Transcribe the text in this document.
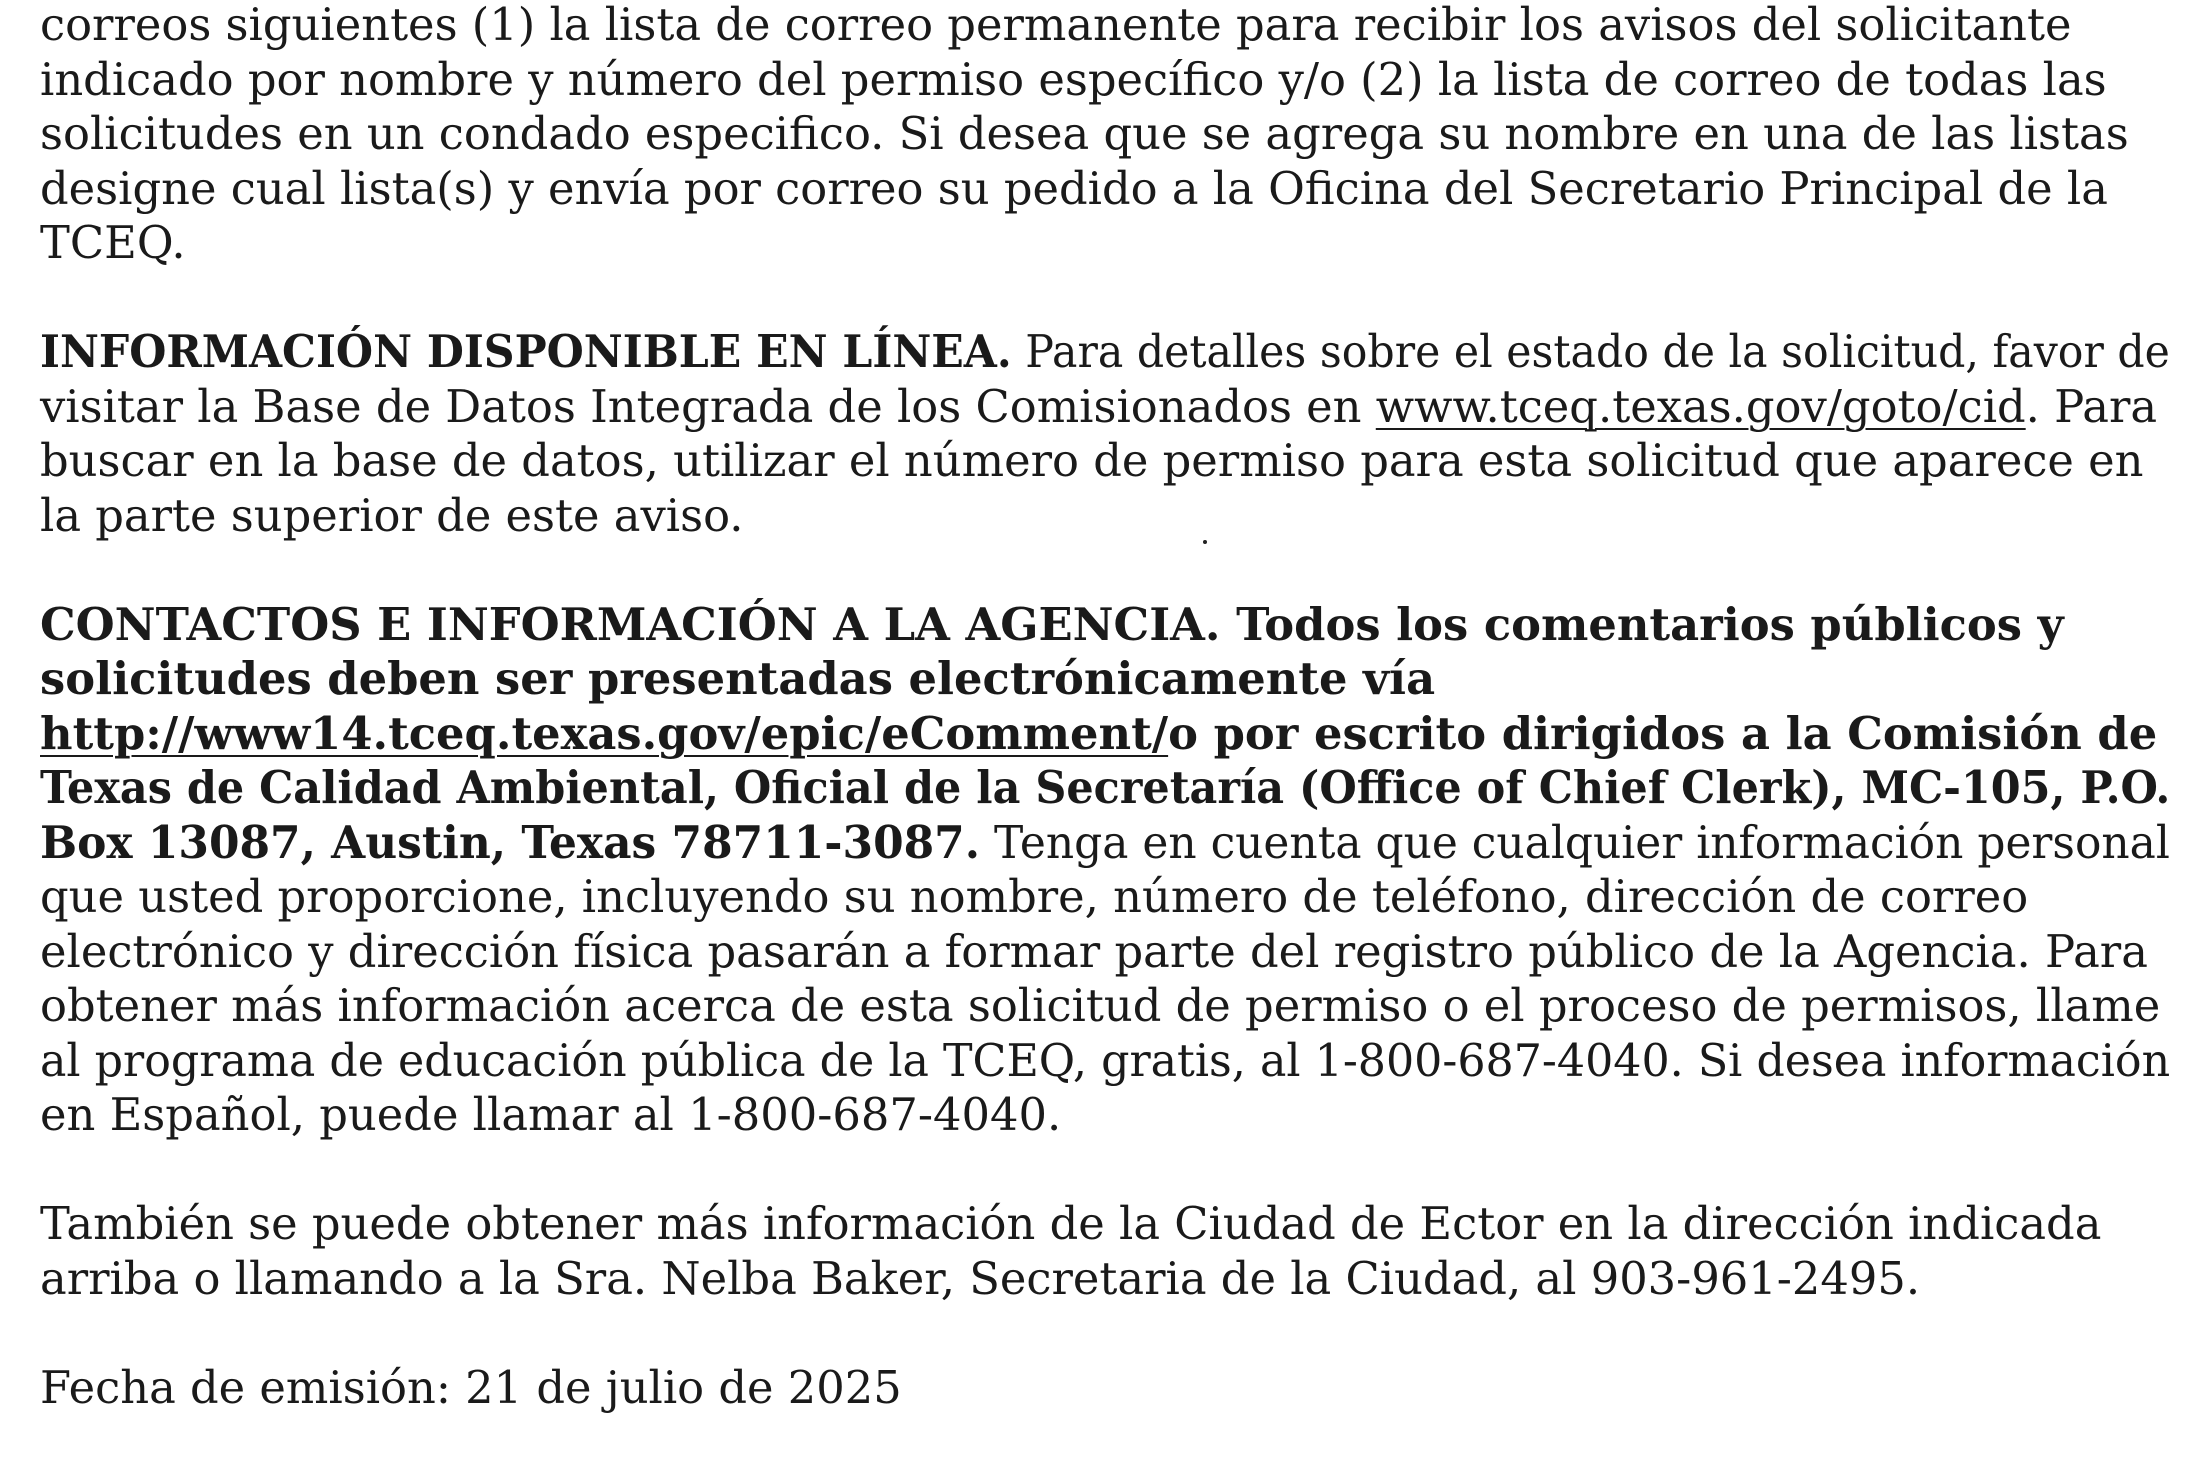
correos siguientes (1) la lista de correo permanente para recibir los avisos del solicitante
indicado por nombre y número del permiso específico y/o (2) la lista de correo de todas las
solicitudes en un condado especifico. Si desea que se agrega su nombre en una de las listas
designe cual lista(s) y envía por correo su pedido a la Oficina del Secretario Principal de la
TCEQ.

INFORMACIÓN DISPONIBLE EN LÍNEA. Para detalles sobre el estado de la solicitud, favor de
visitar la Base de Datos Integrada de los Comisionados en www.tceq.texas.gov/goto/cid. Para
buscar en la base de datos, utilizar el número de permiso para esta solicitud que aparece en
la parte superior de este aviso.

CONTACTOS E INFORMACIÓN A LA AGENCIA. Todos los comentarios públicos y
solicitudes deben ser presentadas electrónicamente vía
http://www14.tceq.texas.gov/epic/eComment/o por escrito dirigidos a la Comisión de
Texas de Calidad Ambiental, Oficial de la Secretaría (Office of Chief Clerk), MC-105, P.O.
Box 13087, Austin, Texas 78711-3087. Tenga en cuenta que cualquier información personal
que usted proporcione, incluyendo su nombre, número de teléfono, dirección de correo
electrónico y dirección física pasarán a formar parte del registro público de la Agencia. Para
obtener más información acerca de esta solicitud de permiso o el proceso de permisos, llame
al programa de educación pública de la TCEQ, gratis, al 1-800-687-4040. Si desea información
en Español, puede llamar al 1-800-687-4040.

También se puede obtener más información de la Ciudad de Ector en la dirección indicada
arriba o llamando a la Sra. Nelba Baker, Secretaria de la Ciudad, al 903-961-2495.

Fecha de emisión: 21 de julio de 2025
